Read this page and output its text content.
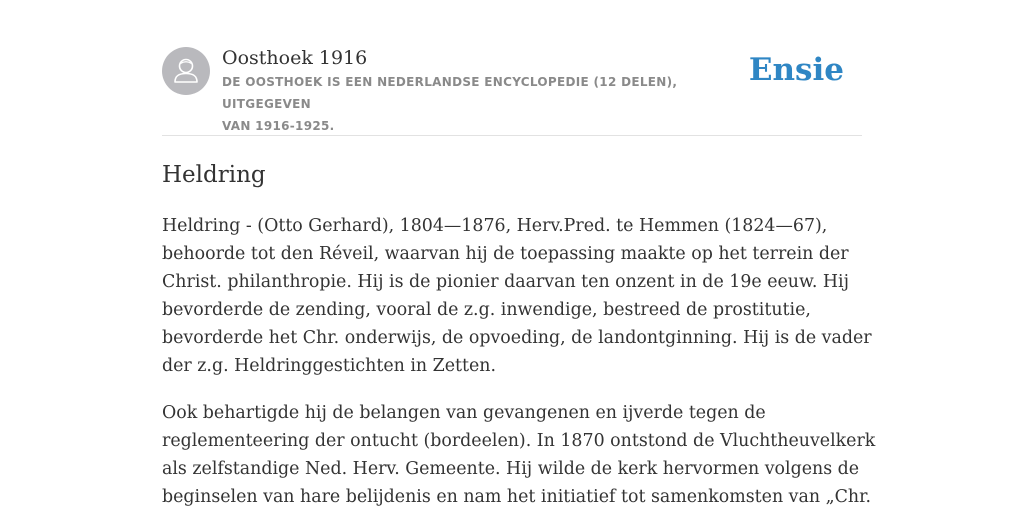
Oosthoek 1916
DE OOSTHOEK IS EEN NEDERLANDSE ENCYCLOPEDIE (12 DELEN), UITGEGEVEN
VAN 1916-1925.
Ensie
Heldring

Heldring - (Otto Gerhard), 1804—1876, Herv.Pred. te Hemmen (1824—67),
behoorde tot den Réveil, waarvan hij de toepassing maakte op het terrein der
Christ. philanthropie. Hij is de pionier daarvan ten onzent in de 19e eeuw. Hij
bevorderde de zending, vooral de z.g. inwendige, bestreed de prostitutie,
bevorderde het Chr. onderwijs, de opvoeding, de landontginning. Hij is de vader
der z.g. Heldringgestichten in Zetten.

Ook behartigde hij de belangen van gevangenen en ijverde tegen de
reglementeering der ontucht (bordeelen). In 1870 ontstond de Vluchtheuvelkerk
als zelfstandige Ned. Herv. Gemeente. Hij wilde de kerk hervormen volgens de
beginselen van hare belijdenis en nam het initiatief tot samenkomsten van „Chr.
